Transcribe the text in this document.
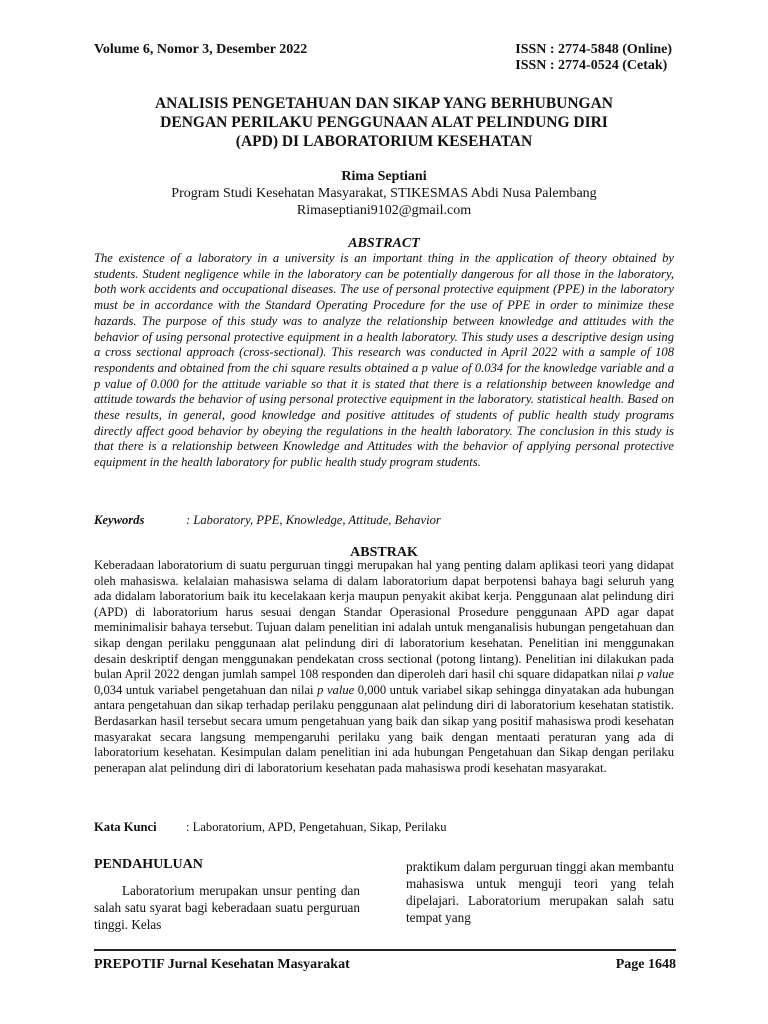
Volume 6, Nomor 3, Desember 2022	ISSN : 2774-5848 (Online)
ISSN : 2774-0524 (Cetak)
ANALISIS PENGETAHUAN DAN SIKAP YANG BERHUBUNGAN
DENGAN PERILAKU PENGGUNAAN ALAT PELINDUNG DIRI
(APD) DI LABORATORIUM KESEHATAN
Rima Septiani
Program Studi Kesehatan Masyarakat, STIKESMAS Abdi Nusa Palembang
Rimaseptiani9102@gmail.com
ABSTRACT

The existence of a laboratory in a university is an important thing in the application of theory obtained by students. Student negligence while in the laboratory can be potentially dangerous for all those in the laboratory, both work accidents and occupational diseases. The use of personal protective equipment (PPE) in the laboratory must be in accordance with the Standard Operating Procedure for the use of PPE in order to minimize these hazards. The purpose of this study was to analyze the relationship between knowledge and attitudes with the behavior of using personal protective equipment in a health laboratory. This study uses a descriptive design using a cross sectional approach (cross-sectional). This research was conducted in April 2022 with a sample of 108 respondents and obtained from the chi square results obtained a p value of 0.034 for the knowledge variable and a p value of 0.000 for the attitude variable so that it is stated that there is a relationship between knowledge and attitude towards the behavior of using personal protective equipment in the laboratory. statistical health. Based on these results, in general, good knowledge and positive attitudes of students of public health study programs directly affect good behavior by obeying the regulations in the health laboratory. The conclusion in this study is that there is a relationship between Knowledge and Attitudes with the behavior of applying personal protective equipment in the health laboratory for public health study program students.

Keywords	: Laboratory, PPE, Knowledge, Attitude, Behavior
ABSTRAK

Keberadaan laboratorium di suatu perguruan tinggi merupakan hal yang penting dalam aplikasi teori yang didapat oleh mahasiswa. kelalaian mahasiswa selama di dalam laboratorium dapat berpotensi bahaya bagi seluruh yang ada didalam laboratorium baik itu kecelakaan kerja maupun penyakit akibat kerja. Penggunaan alat pelindung diri (APD) di laboratorium harus sesuai dengan Standar Operasional Prosedure penggunaan APD agar dapat meminimalisir bahaya tersebut. Tujuan dalam penelitian ini adalah untuk menganalisis hubungan pengetahuan dan sikap dengan perilaku penggunaan alat pelindung diri di laboratorium kesehatan. Penelitian ini menggunakan desain deskriptif dengan menggunakan pendekatan cross sectional (potong lintang). Penelitian ini dilakukan pada bulan April 2022 dengan jumlah sampel 108 responden dan diperoleh dari hasil chi square didapatkan nilai p value 0,034 untuk variabel pengetahuan dan nilai p value 0,000 untuk variabel sikap sehingga dinyatakan ada hubungan antara pengetahuan dan sikap terhadap perilaku penggunaan alat pelindung diri di laboratorium kesehatan statistik. Berdasarkan hasil tersebut secara umum pengetahuan yang baik dan sikap yang positif mahasiswa prodi kesehatan masyarakat secara langsung mempengaruhi perilaku yang baik dengan mentaati peraturan yang ada di laboratorium kesehatan. Kesimpulan dalam penelitian ini ada hubungan Pengetahuan dan Sikap dengan perilaku penerapan alat pelindung diri di laboratorium kesehatan pada mahasiswa prodi kesehatan masyarakat.

Kata Kunci : Laboratorium, APD, Pengetahuan, Sikap, Perilaku
PENDAHULUAN

Laboratorium merupakan unsur penting dan salah satu syarat bagi keberadaan suatu perguruan tinggi. Kelas

praktikum dalam perguruan tinggi akan membantu mahasiswa untuk menguji teori yang telah dipelajari. Laboratorium merupakan salah satu tempat yang

PREPOTIF Jurnal Kesehatan Masyarakat	Page 1648
